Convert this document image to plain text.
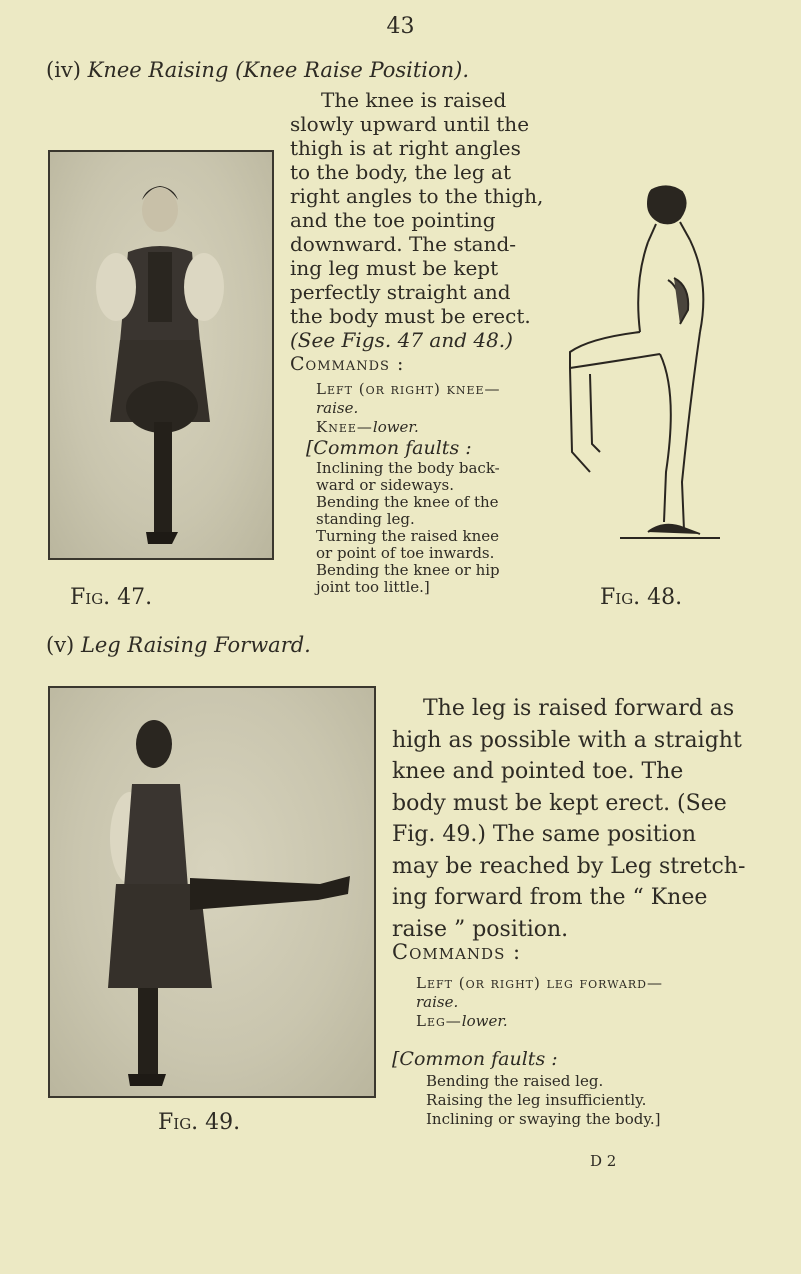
43
(iv) Knee Raising (Knee Raise Position).
The knee is raised
slowly upward until the
thigh is at right angles
to the body, the leg at
right angles to the thigh,
and the toe pointing
downward. The stand-
ing leg must be kept
perfectly straight and
the body must be erect.
(See Figs. 47 and 48.)
Commands :
Left (or right) knee—
raise.
Knee—lower.
[Common faults :
Inclining the body back-
ward or sideways.
Bending the knee of the
standing leg.
Turning the raised knee
or point of toe inwards.
Bending the knee or hip
joint too little.]
Fig. 47.	Fig. 48.
(v) Leg Raising Forward.
The leg is raised forward as
high as possible with a straight
knee and pointed toe. The
body must be kept erect. (See
Fig. 49.) The same position
may be reached by Leg stretch-
ing forward from the “ Knee
raise ” position.
Commands :
Left (or right) leg forward—
raise.
Leg—lower.
[Common faults :
Bending the raised leg.
Raising the leg insufficiently.
Inclining or swaying the body.]
Fig. 49.
D 2
